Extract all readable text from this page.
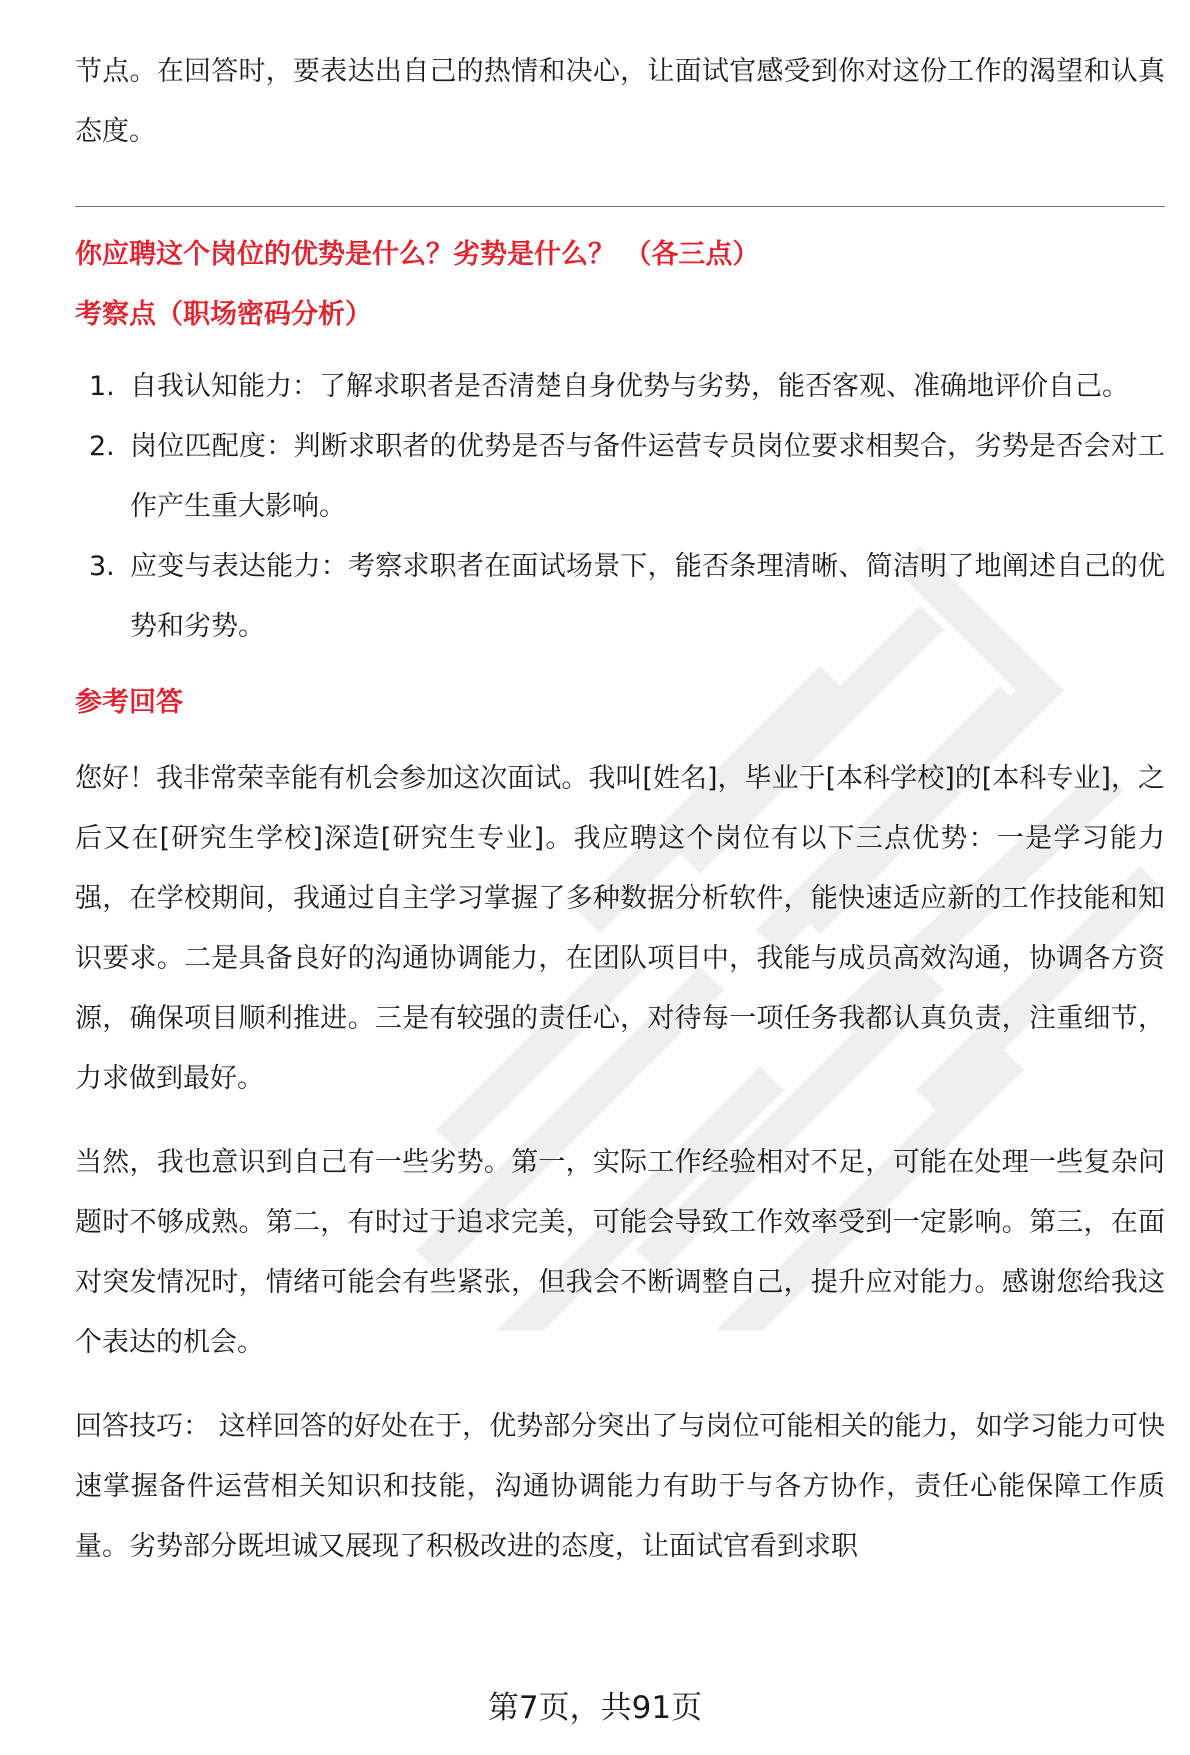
节点。在回答时，要表达出自己的热情和决心，让面试官感受到你对这份工作的渴望和认真态度。

你应聘这个岗位的优势是什么？劣势是什么？ （各三点）
考察点（职场密码分析）
1. 自我认知能力：了解求职者是否清楚自身优势与劣势，能否客观、准确地评价自己。
2. 岗位匹配度：判断求职者的优势是否与备件运营专员岗位要求相契合，劣势是否会对工作产生重大影响。
3. 应变与表达能力：考察求职者在面试场景下，能否条理清晰、简洁明了地阐述自己的优势和劣势。
参考回答

您好！我非常荣幸能有机会参加这次面试。我叫[姓名]，毕业于[本科学校]的[本科专业]，之后又在[研究生学校]深造[研究生专业]。我应聘这个岗位有以下三点优势：一是学习能力强，在学校期间，我通过自主学习掌握了多种数据分析软件，能快速适应新的工作技能和知识要求。二是具备良好的沟通协调能力，在团队项目中，我能与成员高效沟通，协调各方资源，确保项目顺利推进。三是有较强的责任心，对待每一项任务我都认真负责，注重细节，力求做到最好。

当然，我也意识到自己有一些劣势。第一，实际工作经验相对不足，可能在处理一些复杂问题时不够成熟。第二，有时过于追求完美，可能会导致工作效率受到一定影响。第三，在面对突发情况时，情绪可能会有些紧张，但我会不断调整自己，提升应对能力。感谢您给我这个表达的机会。

回答技巧： 这样回答的好处在于，优势部分突出了与岗位可能相关的能力，如学习能力可快速掌握备件运营相关知识和技能，沟通协调能力有助于与各方协作，责任心能保障工作质量。劣势部分既坦诚又展现了积极改进的态度，让面试官看到求职

第7页，共91页
